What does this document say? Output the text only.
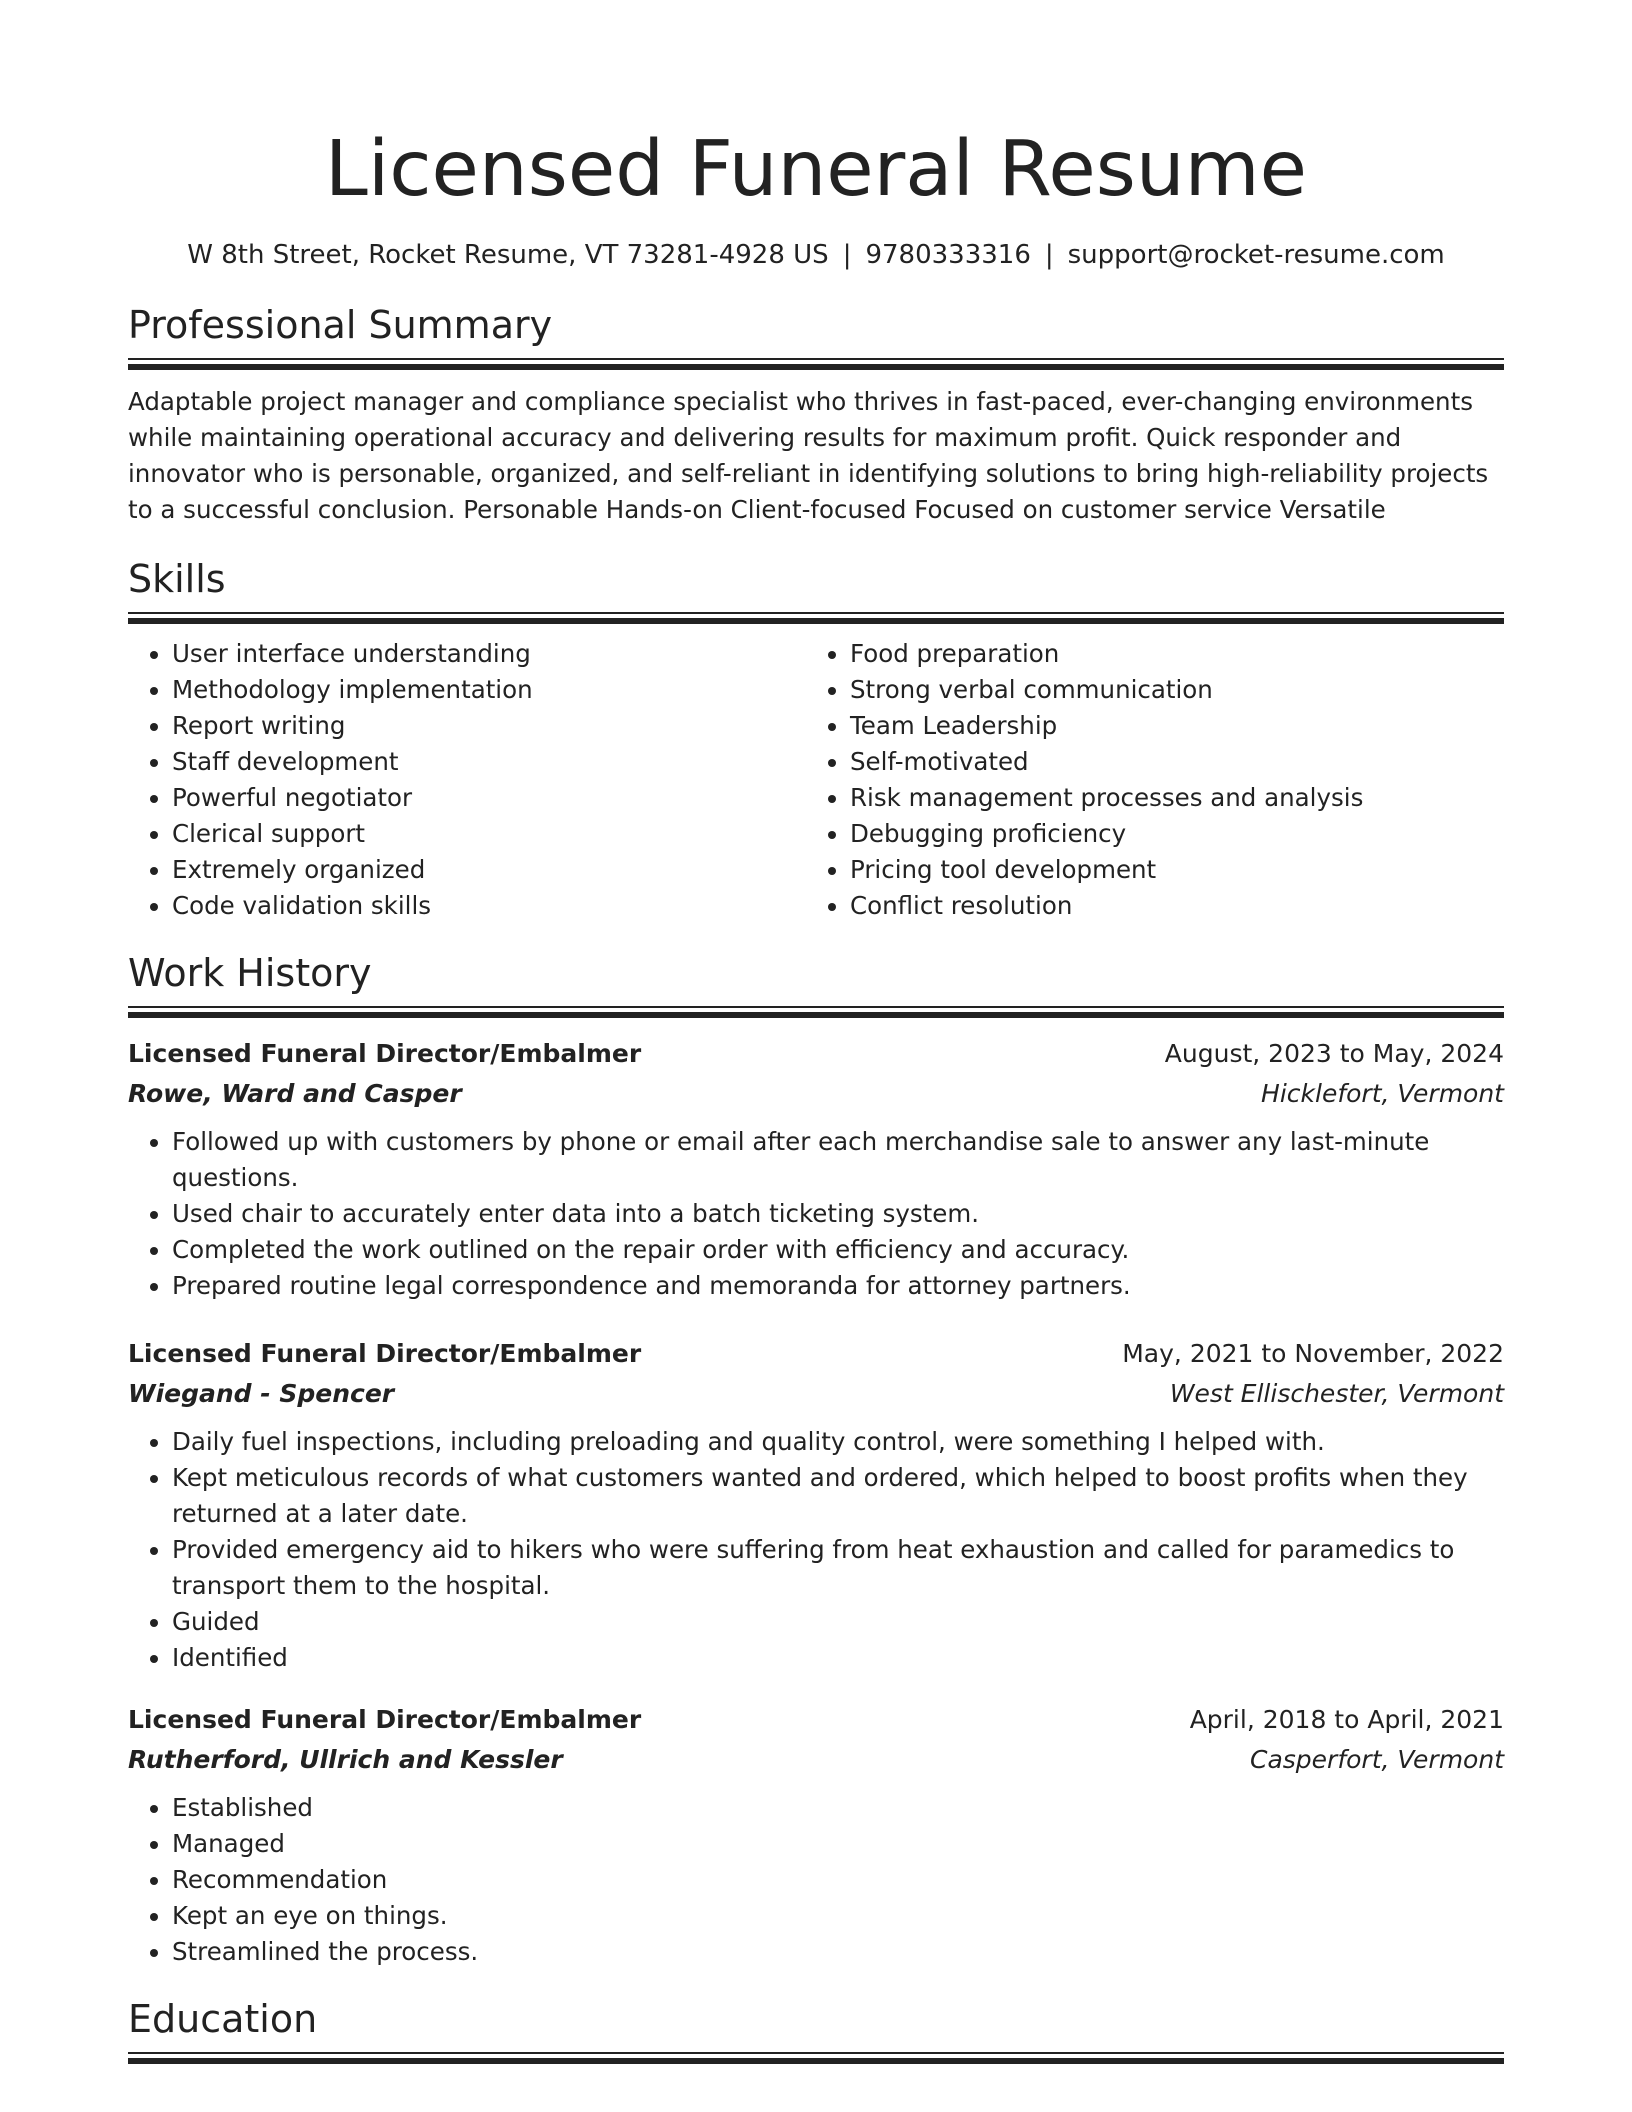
Licensed Funeral Resume
W 8th Street, Rocket Resume, VT 73281-4928 US | 9780333316 | support@rocket-resume.com
Professional Summary
Adaptable project manager and compliance specialist who thrives in fast-paced, ever-changing environments while maintaining operational accuracy and delivering results for maximum profit. Quick responder and innovator who is personable, organized, and self-reliant in identifying solutions to bring high-reliability projects to a successful conclusion. Personable Hands-on Client-focused Focused on customer service Versatile
Skills
• User interface understanding
• Methodology implementation
• Report writing
• Staff development
• Powerful negotiator
• Clerical support
• Extremely organized
• Code validation skills
• Food preparation
• Strong verbal communication
• Team Leadership
• Self-motivated
• Risk management processes and analysis
• Debugging proficiency
• Pricing tool development
• Conflict resolution
Work History
Licensed Funeral Director/Embalmer	August, 2023 to May, 2024
Rowe, Ward and Casper	Hicklefort, Vermont
• Followed up with customers by phone or email after each merchandise sale to answer any last-minute questions.
• Used chair to accurately enter data into a batch ticketing system.
• Completed the work outlined on the repair order with efficiency and accuracy.
• Prepared routine legal correspondence and memoranda for attorney partners.
Licensed Funeral Director/Embalmer	May, 2021 to November, 2022
Wiegand - Spencer	West Ellischester, Vermont
• Daily fuel inspections, including preloading and quality control, were something I helped with.
• Kept meticulous records of what customers wanted and ordered, which helped to boost profits when they returned at a later date.
• Provided emergency aid to hikers who were suffering from heat exhaustion and called for paramedics to transport them to the hospital.
• Guided
• Identified
Licensed Funeral Director/Embalmer	April, 2018 to April, 2021
Rutherford, Ullrich and Kessler	Casperfort, Vermont
• Established
• Managed
• Recommendation
• Kept an eye on things.
• Streamlined the process.
Education
